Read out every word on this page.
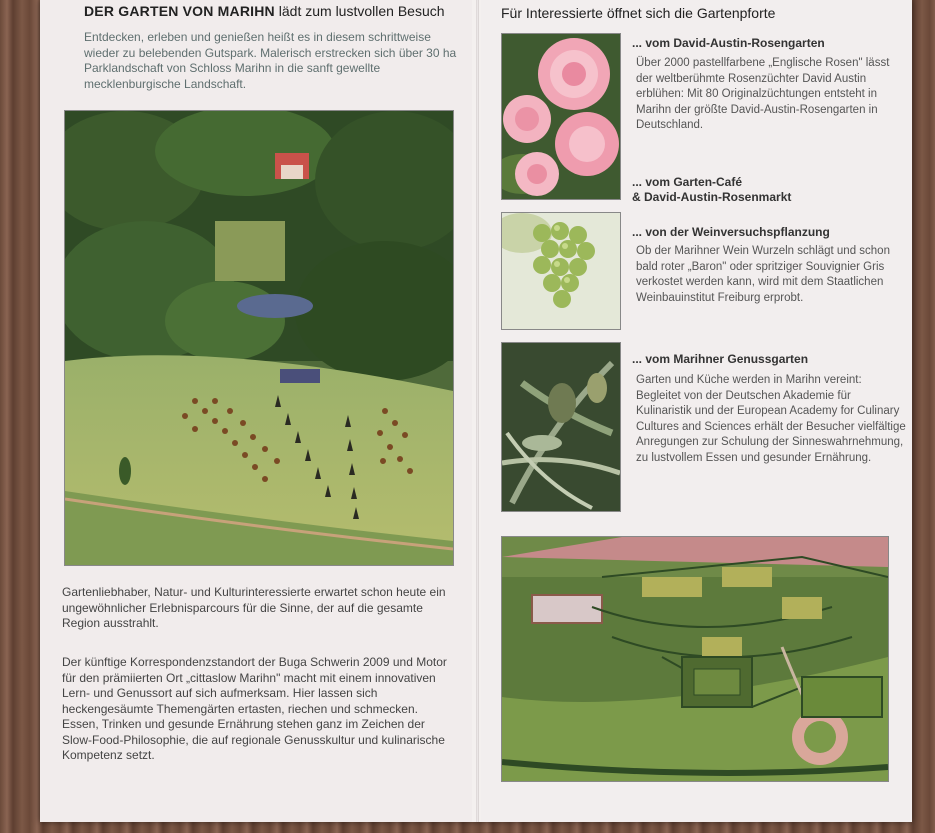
DER GARTEN VON MARIHN lädt zum lustvollen Besuch

Entdecken, erleben und genießen heißt es in diesem schrittweise wieder zu belebenden Gutspark. Malerisch erstrecken sich über 30 ha Parklandschaft von Schloss Marihn in die sanft gewellte mecklenburgische Landschaft.

Gartenliebhaber, Natur- und Kulturinteressierte erwartet schon heute ein ungewöhnlicher Erlebnisparcours für die Sinne, der auf die gesamte Region ausstrahlt.

Der künftige Korrespondenzstandort der Buga Schwerin 2009 und Motor für den prämiierten Ort „cittaslow Marihn" macht mit einem innovativen Lern- und Genussort auf sich aufmerksam. Hier lassen sich heckengesäumte Themengärten ertasten, riechen und schmecken. Essen, Trinken und gesunde Ernährung stehen ganz im Zeichen der Slow-Food-Philosophie, die auf regionale Genusskultur und kulinarische Kompetenz setzt.

Für Interessierte öffnet sich die Gartenpforte
... vom David-Austin-Rosengarten

Über 2000 pastellfarbene „Englische Rosen" lässt der weltberühmte Rosenzüchter David Austin erblühen: Mit 80 Originalzüchtungen entsteht in Marihn der größte David-Austin-Rosengarten in Deutschland.

... vom Garten-Café
& David-Austin-Rosenmarkt
... von der Weinversuchspflanzung

Ob der Marihner Wein Wurzeln schlägt und schon bald roter „Baron" oder spritziger Souvignier Gris verkostet werden kann, wird mit dem Staatlichen Weinbauinstitut Freiburg erprobt.

... vom Marihner Genussgarten

Garten und Küche werden in Marihn vereint: Begleitet von der Deutschen Akademie für Kulinaristik und der European Academy for Culinary Cultures and Sciences erhält der Besucher vielfältige Anregungen zur Schulung der Sinneswahrnehmung, zu lustvollem Essen und gesunder Ernährung.
